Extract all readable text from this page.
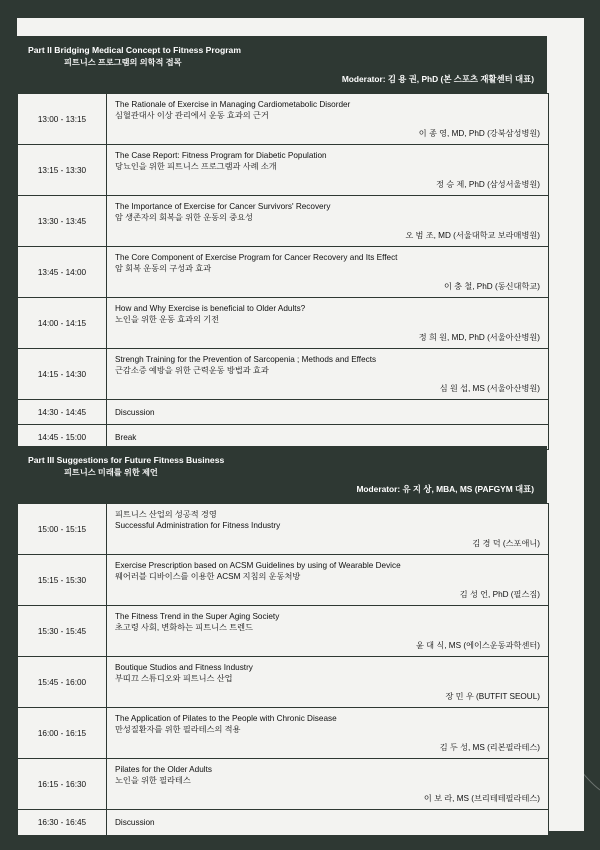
Part II Bridging Medical Concept to Fitness Program
피트니스 프로그램의 의학적 접목
Moderator: 김 용 권, PhD (본 스포츠 재활센터 대표)
13:00 - 13:15	The Rationale of Exercise in Managing Cardiometabolic Disorder
심혈관대사 이상 관리에서 운동 효과의 근거
이 종 영, MD, PhD (강북삼성병원)

13:15 - 13:30	The Case Report: Fitness Program for Diabetic Population
당뇨인을 위한 피트니스 프로그램과 사례 소개
정 승 제, PhD (삼성서울병원)

13:30 - 13:45	The Importance of Exercise for Cancer Survivors' Recovery
암 생존자의 회복을 위한 운동의 중요성
오 범 조, MD (서울대학교 보라매병원)

13:45 - 14:00	The Core Component of Exercise Program for Cancer Recovery and Its Effect
암 회복 운동의 구성과 효과
이 충 철, PhD (동신대학교)

14:00 - 14:15	How and Why Exercise is beneficial to Older Adults?
노인을 위한 운동 효과의 기전
정 희 원, MD, PhD (서울아산병원)

14:15 - 14:30	Strengh Training for the Prevention of Sarcopenia ; Methods and Effects
근감소증 예방을 위한 근력운동 방법과 효과
심 원 섭, MS (서울아산병원)

14:30 - 14:45	Discussion

14:45 - 15:00	Break
Part III Suggestions for Future Fitness Business
피트니스 미래를 위한 제언
Moderator: 유 지 상, MBA, MS (PAFGYM 대표)
15:00 - 15:15	피트니스 산업의 성공적 경영
Successful Administration for Fitness Industry
김 경 덕 (스포애니)

15:15 - 15:30	Exercise Prescription based on ACSM Guidelines by using of Wearable Device
웨어러블 디바이스를 이용한 ACSM 지침의 운동처방
김 성 언, PhD (필스짐)

15:30 - 15:45	The Fitness Trend in the Super Aging Society
초고령 사회, 변화하는 피트니스 트렌드
윤 대 식, MS (에이스운동과학센터)

15:45 - 16:00	Boutique Studios and Fitness Industry
부띠끄 스튜디오와 피트니스 산업
장 민 우 (BUTFIT SEOUL)

16:00 - 16:15	The Application of Pilates to the People with Chronic Disease
만성질환자를 위한 필라테스의 적용
김 두 성, MS (리본필라테스)

16:15 - 16:30	Pilates for the Older Adults
노인을 위한 필라테스
이 보 라, MS (브리테테필라테스)

16:30 - 16:45	Discussion
